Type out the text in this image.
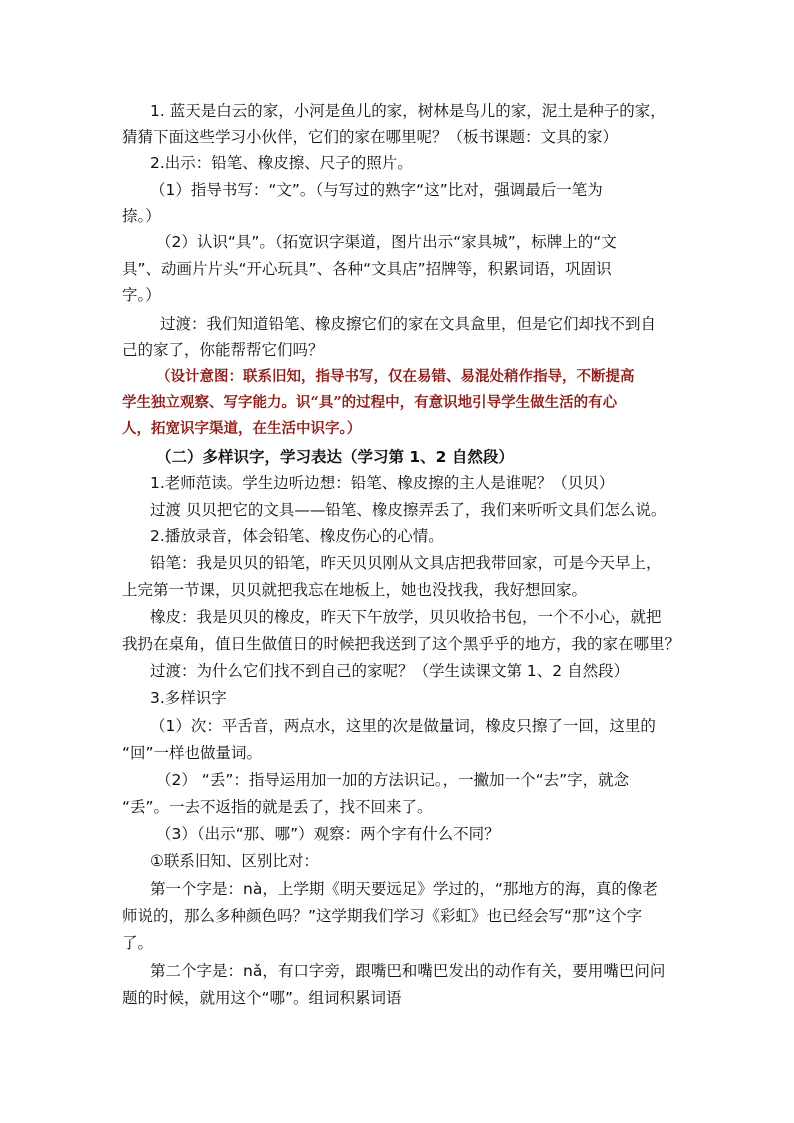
1. 蓝天是白云的家，小河是鱼儿的家，树林是鸟儿的家，泥土是种子的家，
猜猜下面这些学习小伙伴，它们的家在哪里呢？（板书课题：文具的家）
2.出示：铅笔、橡皮擦、尺子的照片。
（1）指导书写：“文”。（与写过的熟字“这”比对，强调最后一笔为
捺。）
（2）认识“具”。（拓宽识字渠道，图片出示“家具城”，标牌上的“文
具”、动画片片头“开心玩具”、各种“文具店”招牌等，积累词语，巩固识
字。）
过渡：我们知道铅笔、橡皮擦它们的家在文具盒里，但是它们却找不到自
己的家了，你能帮帮它们吗？
（设计意图：联系旧知，指导书写，仅在易错、易混处稍作指导，不断提高
学生独立观察、写字能力。识“具”的过程中，有意识地引导学生做生活的有心
人，拓宽识字渠道，在生活中识字。）
（二）多样识字，学习表达（学习第 1、2 自然段）
1.老师范读。学生边听边想：铅笔、橡皮擦的主人是谁呢？（贝贝）
过渡 贝贝把它的文具——铅笔、橡皮擦弄丢了，我们来听听文具们怎么说。
2.播放录音，体会铅笔、橡皮伤心的心情。
铅笔：我是贝贝的铅笔，昨天贝贝刚从文具店把我带回家，可是今天早上，
上完第一节课，贝贝就把我忘在地板上，她也没找我，我好想回家。
橡皮：我是贝贝的橡皮，昨天下午放学，贝贝收拾书包，一个不小心，就把
我扔在桌角，值日生做值日的时候把我送到了这个黑乎乎的地方，我的家在哪里？
过渡：为什么它们找不到自己的家呢？（学生读课文第 1、2 自然段）
3.多样识字
（1）次：平舌音，两点水，这里的次是做量词，橡皮只擦了一回，这里的
“回”一样也做量词。
（2） “丢”：指导运用加一加的方法识记。，一撇加一个“去”字，就念
“丢”。一去不返指的就是丢了，找不回来了。
（3）（出示“那、哪”）观察：两个字有什么不同？
①联系旧知、区别比对：
第一个字是：nà，上学期《明天要远足》学过的，“那地方的海，真的像老
师说的，那么多种颜色吗？”这学期我们学习《彩虹》也已经会写“那”这个字
了。
第二个字是：nǎ，有口字旁，跟嘴巴和嘴巴发出的动作有关，要用嘴巴问问
题的时候，就用这个“哪”。组词积累词语
